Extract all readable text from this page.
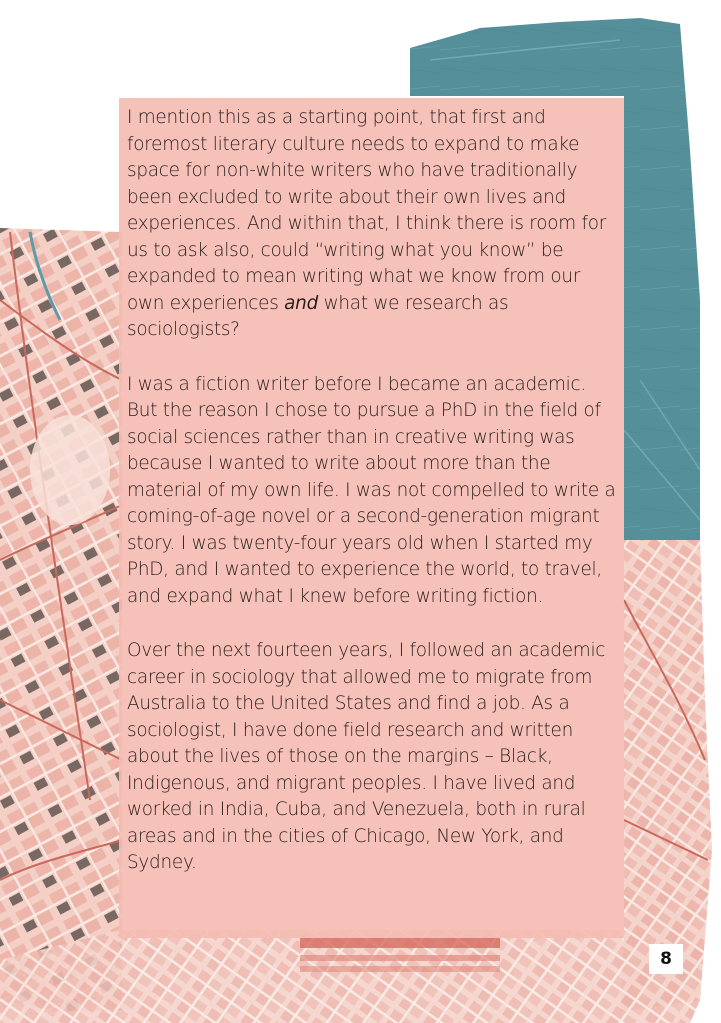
I mention this as a starting point, that first and foremost literary culture needs to expand to make space for non-white writers who have traditionally been excluded to write about their own lives and experiences. And within that, I think there is room for us to ask also, could “writing what you know” be expanded to mean writing what we know from our own experiences and what we research as sociologists?

I was a fiction writer before I became an academic. But the reason I chose to pursue a PhD in the field of social sciences rather than in creative writing was because I wanted to write about more than the material of my own life. I was not compelled to write a coming-of-age novel or a second-generation migrant story. I was twenty-four years old when I started my PhD, and I wanted to experience the world, to travel, and expand what I knew before writing fiction.

Over the next fourteen years, I followed an academic career in sociology that allowed me to migrate from Australia to the United States and find a job. As a sociologist, I have done field research and written about the lives of those on the margins – Black, Indigenous, and migrant peoples. I have lived and worked in India, Cuba, and Venezuela, both in rural areas and in the cities of Chicago, New York, and Sydney.

8
